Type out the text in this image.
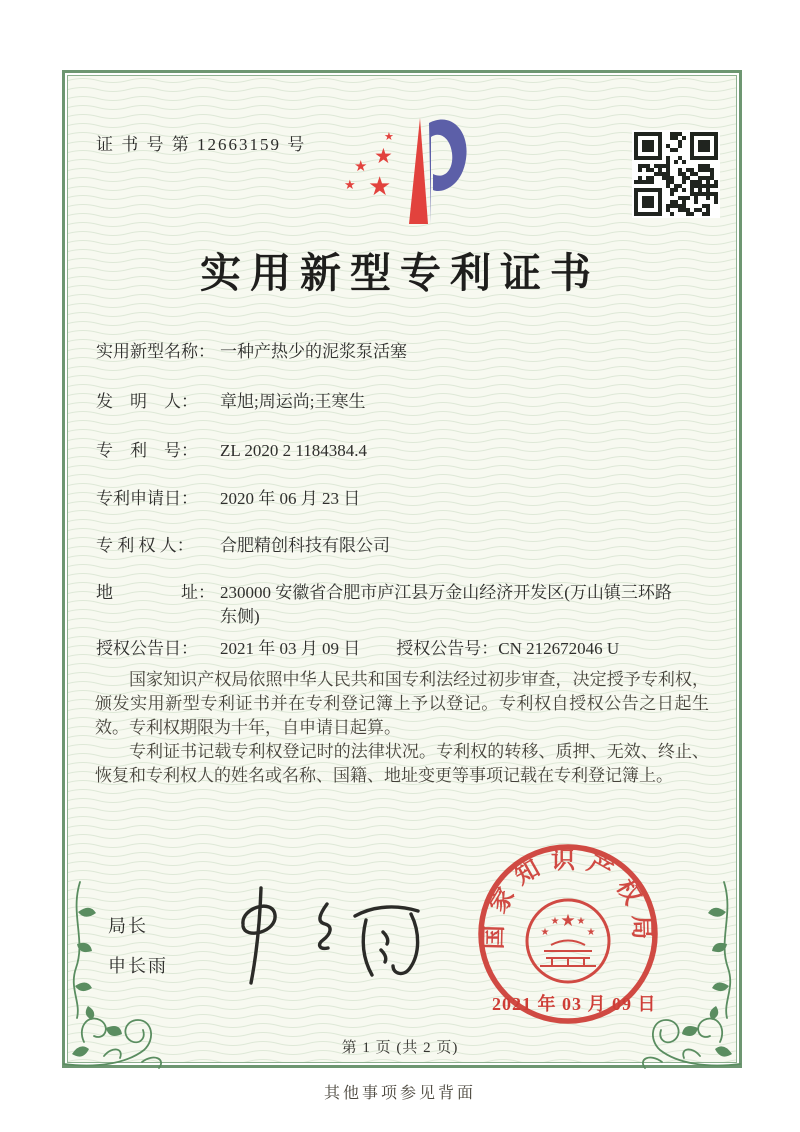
证 书 号 第 12663159 号
★
★
★
★
★
实用新型专利证书
实用新型名称： 一种产热少的泥浆泵活塞
发　明　人：	章旭;周运尚;王寒生
专　利　号：	ZL 2020 2 1184384.4
专利申请日：	2020 年 06 月 23 日
专 利 权 人：	合肥精创科技有限公司
地　　　　址： 230000 安徽省合肥市庐江县万金山经济开发区(万山镇三环路东侧)
授权公告日：	2021 年 03 月 09 日 授权公告号： CN 212672046 U

国家知识产权局依照中华人民共和国专利法经过初步审查，决定授予专利权，颁发实用新型专利证书并在专利登记簿上予以登记。专利权自授权公告之日起生效。专利权期限为十年，自申请日起算。

专利证书记载专利权登记时的法律状况。专利权的转移、质押、无效、终止、恢复和专利权人的姓名或名称、国籍、地址变更等事项记载在专利登记簿上。

局长
申长雨
国家知识产权局
★
★
★ ★
★
2021 年 03 月 09 日
第 1 页 (共 2 页)
其他事项参见背面
